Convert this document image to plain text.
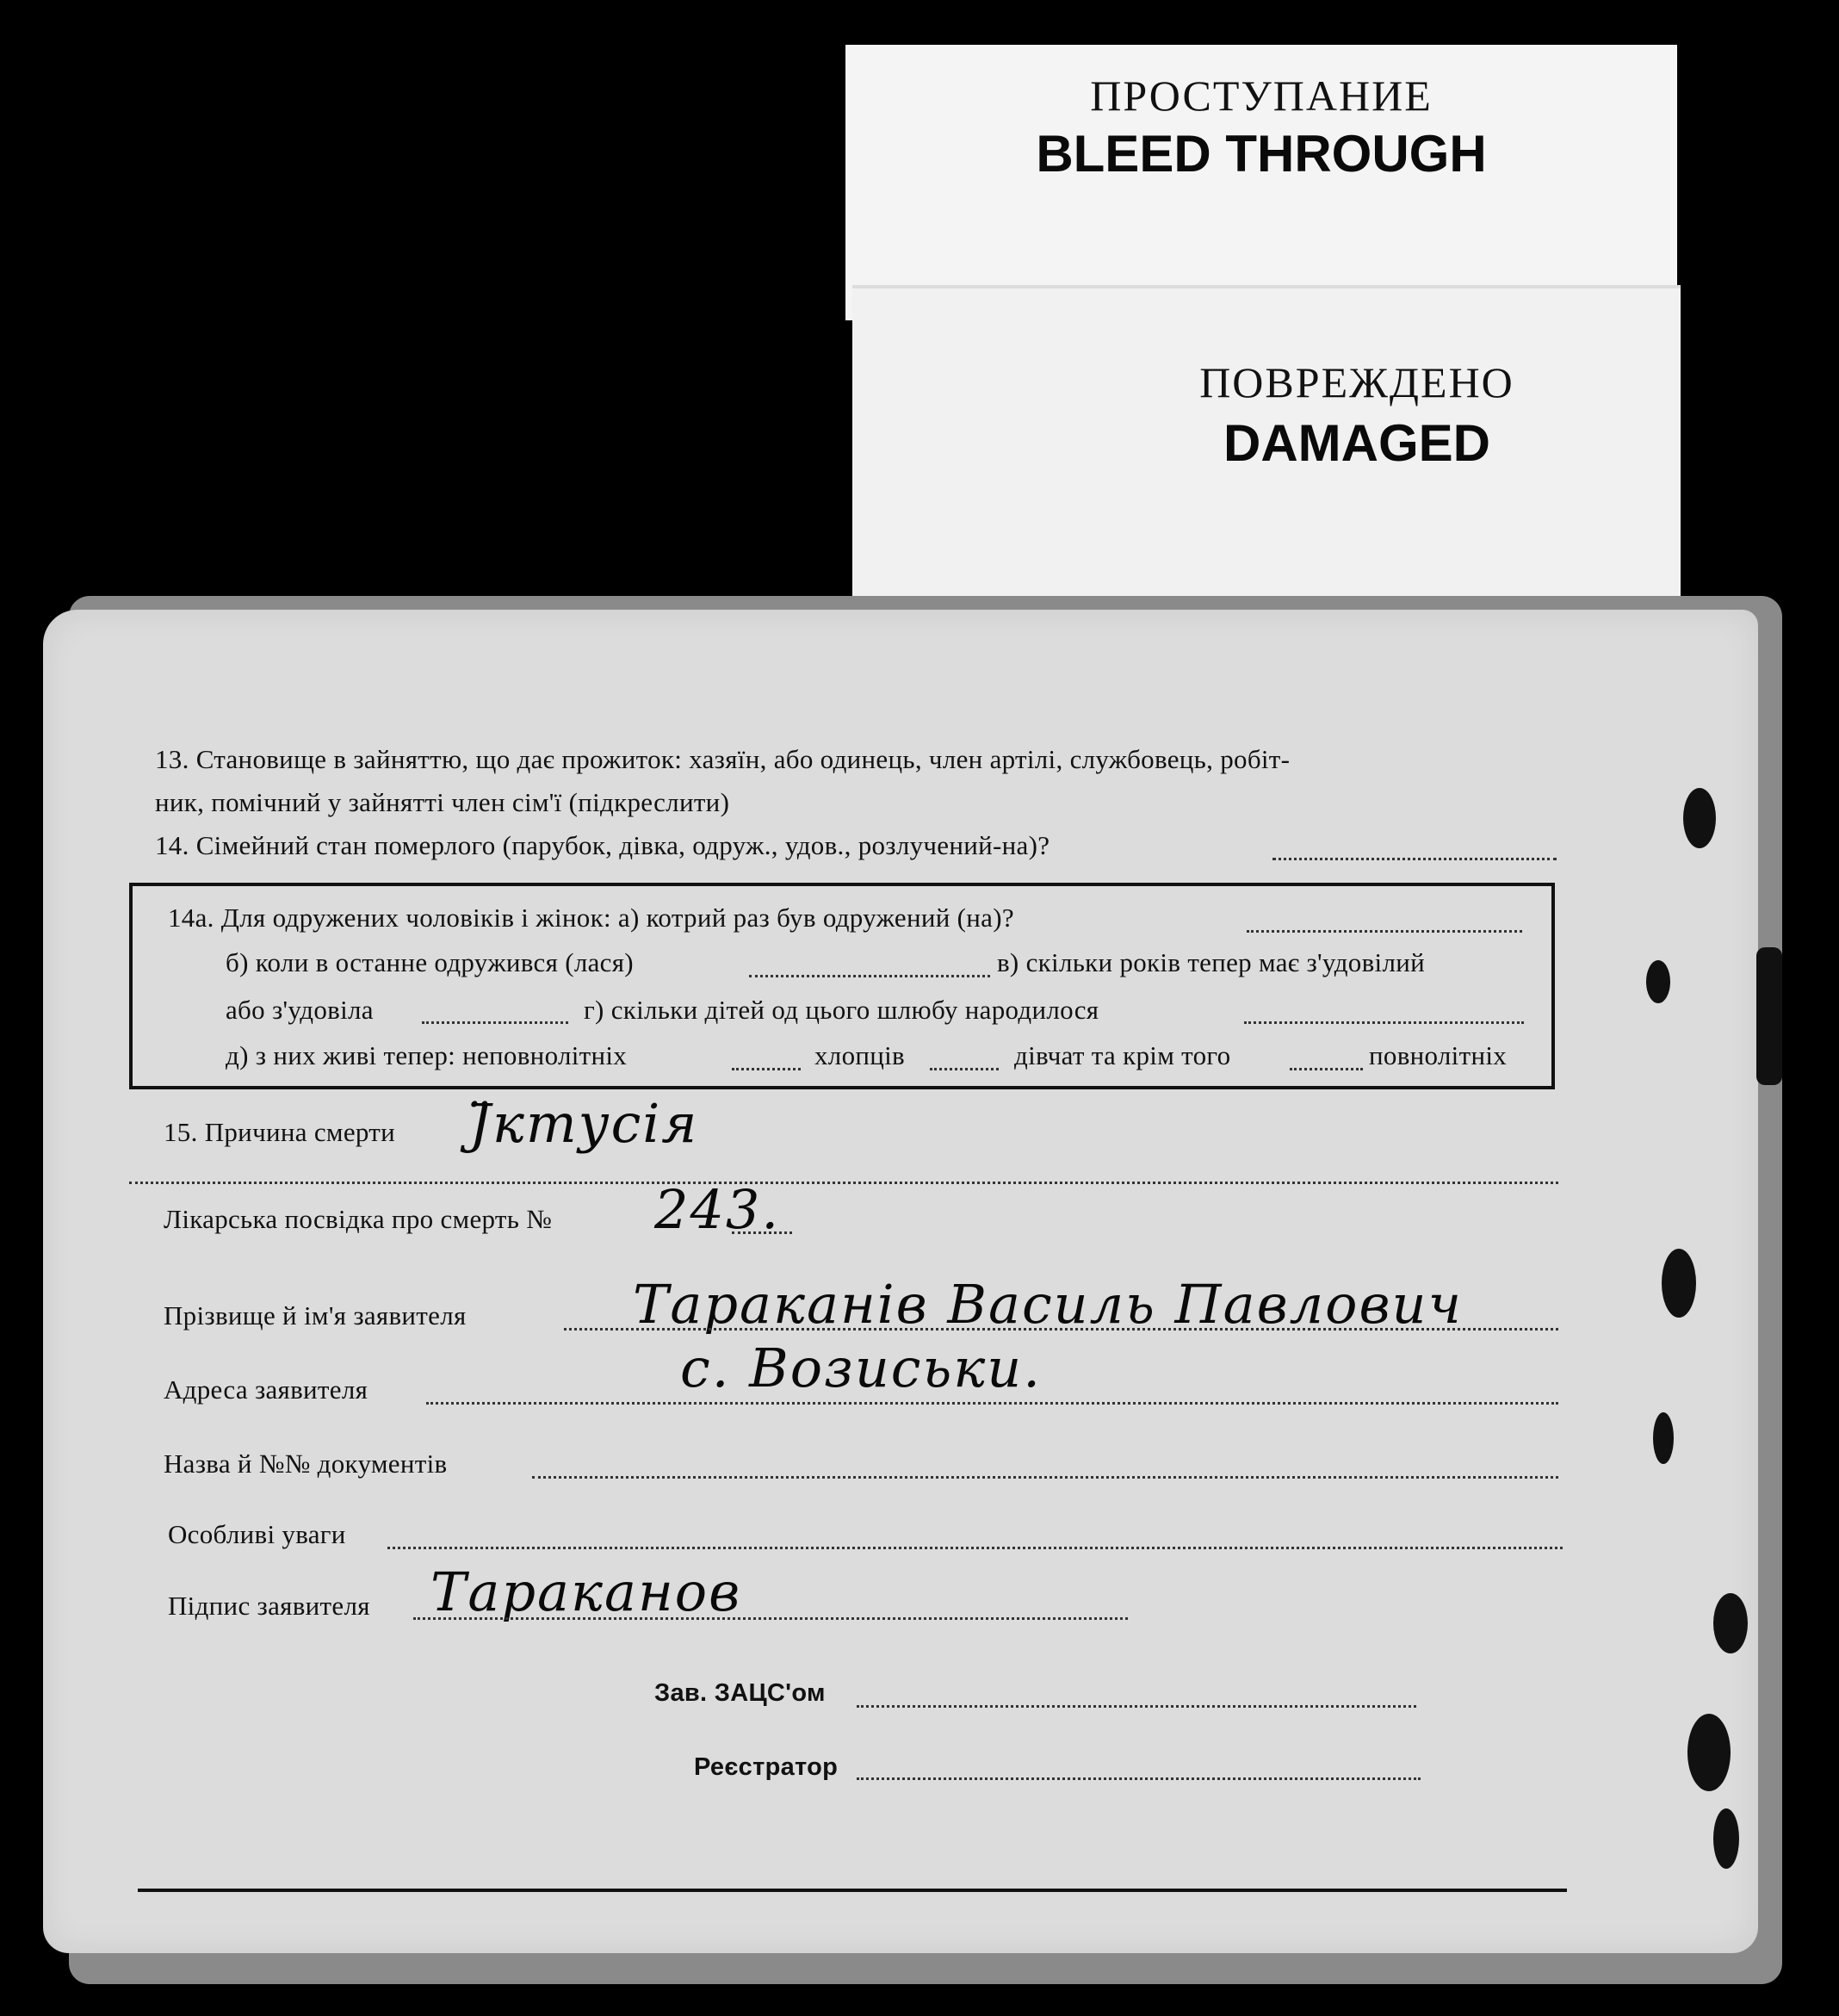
ПРОСТУПАНИЕ
BLEED THROUGH
ПОВРЕЖДЕНО
DAMAGED
13. Становище в зайняттю, що дає прожиток: хазяїн, або одинець, член артілі, службовець, робіт-
ник, помічний у зайнятті член сім'ї (підкреслити)
14. Сімейний стан померлого (парубок, дівка, одруж., удов., розлучений-на)?
14а. Для одружених чоловіків і жінок: а) котрий раз був одружений (на)?
б) коли в останне одружився (лася)	в) скільки років тепер має з'удовілий
або з'удовіла	г) скільки дітей од цього шлюбу народилося
д) з них живі тепер: неповнолітніх	хлопців	дівчат та крім того	повнолітніх
15. Причина смерти Ј̈ктусія
Лікарська посвідка про смерть № 243.
Прізвище й ім'я заявителя	Тараканів Василь Павлович
Адреса заявителя	с. Возиськи.
Назва й №№ документів
Особливі уваги
Підпис заявителя Тараканов
Зав. ЗАЦС'ом
Реєстратор
